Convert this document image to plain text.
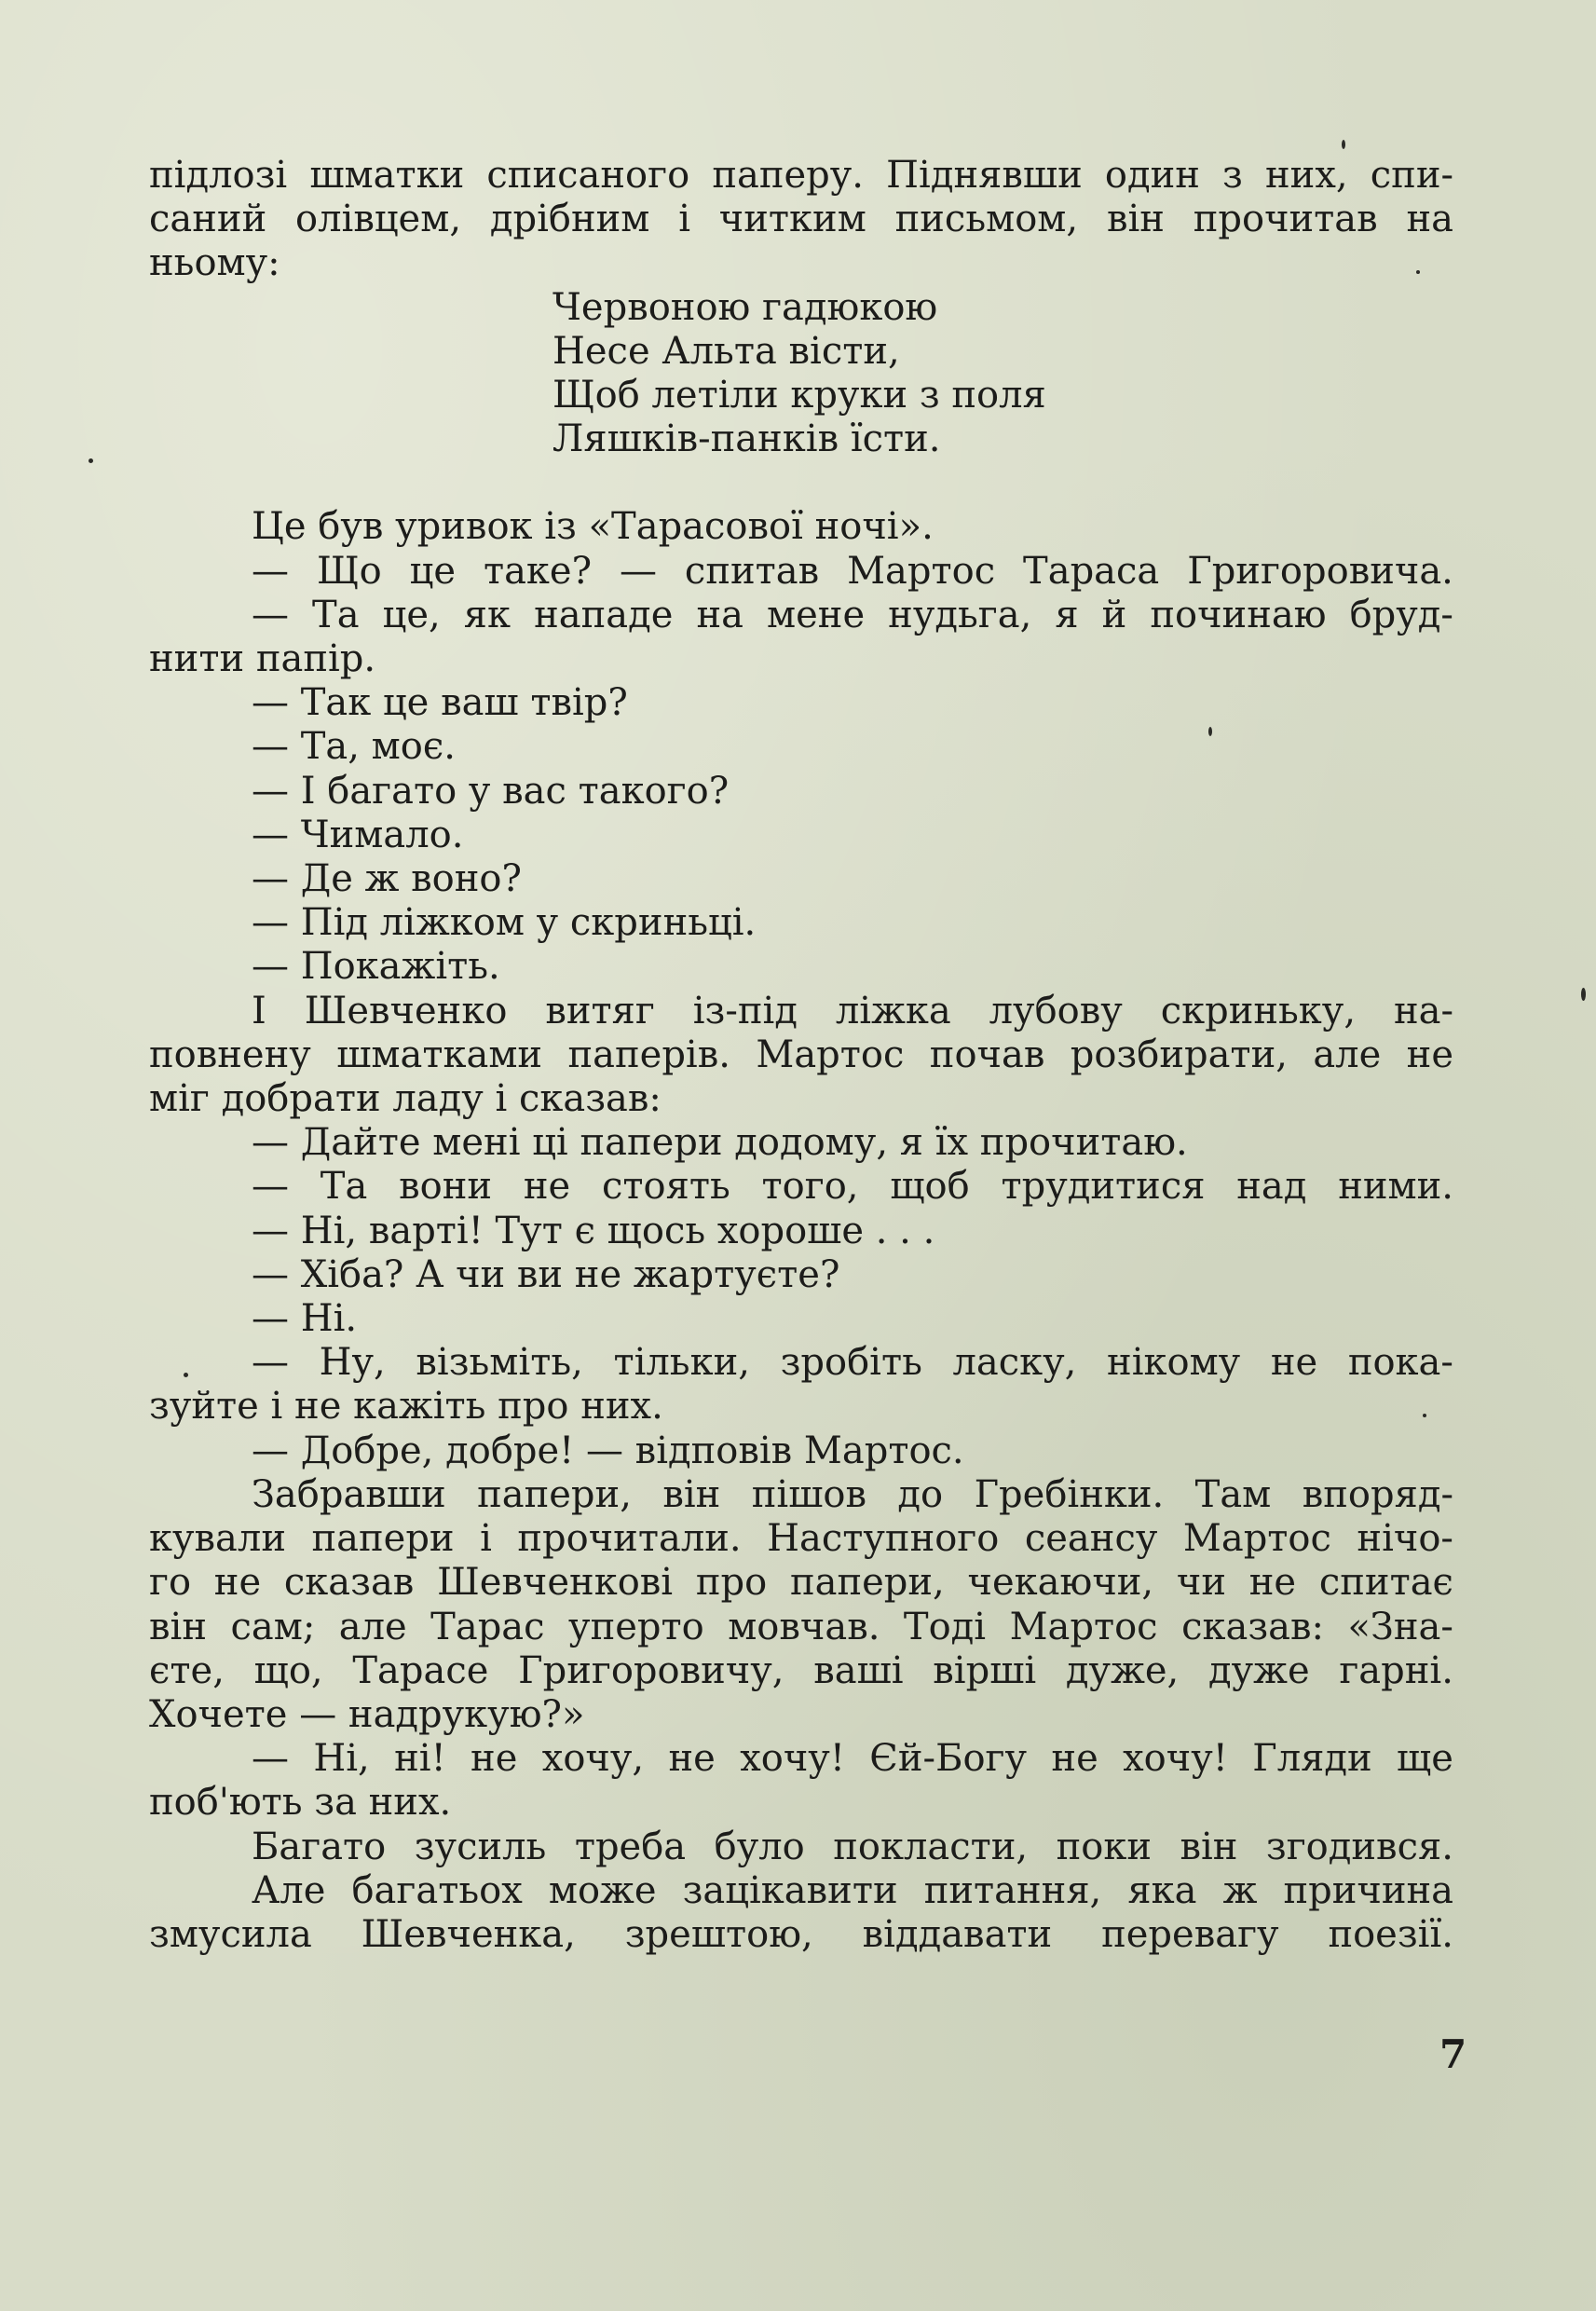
підлозі шматки списаного паперу. Піднявши один з них, спи-
саний олівцем, дрібним і читким письмом, він прочитав на
ньому:
Червоною гадюкою
Несе Альта вісти,
Щоб летіли круки з поля
Ляшків-панків їсти.
Це був уривок із «Тарасової ночі».
— Що це таке? — спитав Мартос Тараса Григоровича.
— Та це, як нападе на мене нудьга, я й починаю бруд-
нити папір.
— Так це ваш твір?
— Та, моє.
— І багато у вас такого?
— Чимало.
— Де ж воно?
— Під ліжком у скриньці.
— Покажіть.
І Шевченко витяг із-під ліжка лубову скриньку, на-
повнену шматками паперів. Мартос почав розбирати, але не
міг добрати ладу і сказав:
— Дайте мені ці папери додому, я їх прочитаю.
— Та вони не стоять того, щоб трудитися над ними.
— Ні, варті! Тут є щось хороше . . .
— Хіба? А чи ви не жартуєте?
— Ні.
— Ну, візьміть, тільки, зробіть ласку, нікому не пока-
зуйте і не кажіть про них.
— Добре, добре! — відповів Мартос.
Забравши папери, він пішов до Гребінки. Там впоряд-
кували папери і прочитали. Наступного сеансу Мартос нічо-
го не сказав Шевченкові про папери, чекаючи, чи не спитає
він сам; але Тарас уперто мовчав. Тоді Мартос сказав: «Зна-
єте, що, Тарасе Григоровичу, ваші вірші дуже, дуже гарні.
Хочете — надрукую?»
— Ні, ні! не хочу, не хочу! Єй-Богу не хочу! Гляди ще
поб'ють за них.
Багато зусиль треба було покласти, поки він згодився.
Але багатьох може зацікавити питання, яка ж причина
змусила Шевченка, зрештою, віддавати перевагу поезії.
7
